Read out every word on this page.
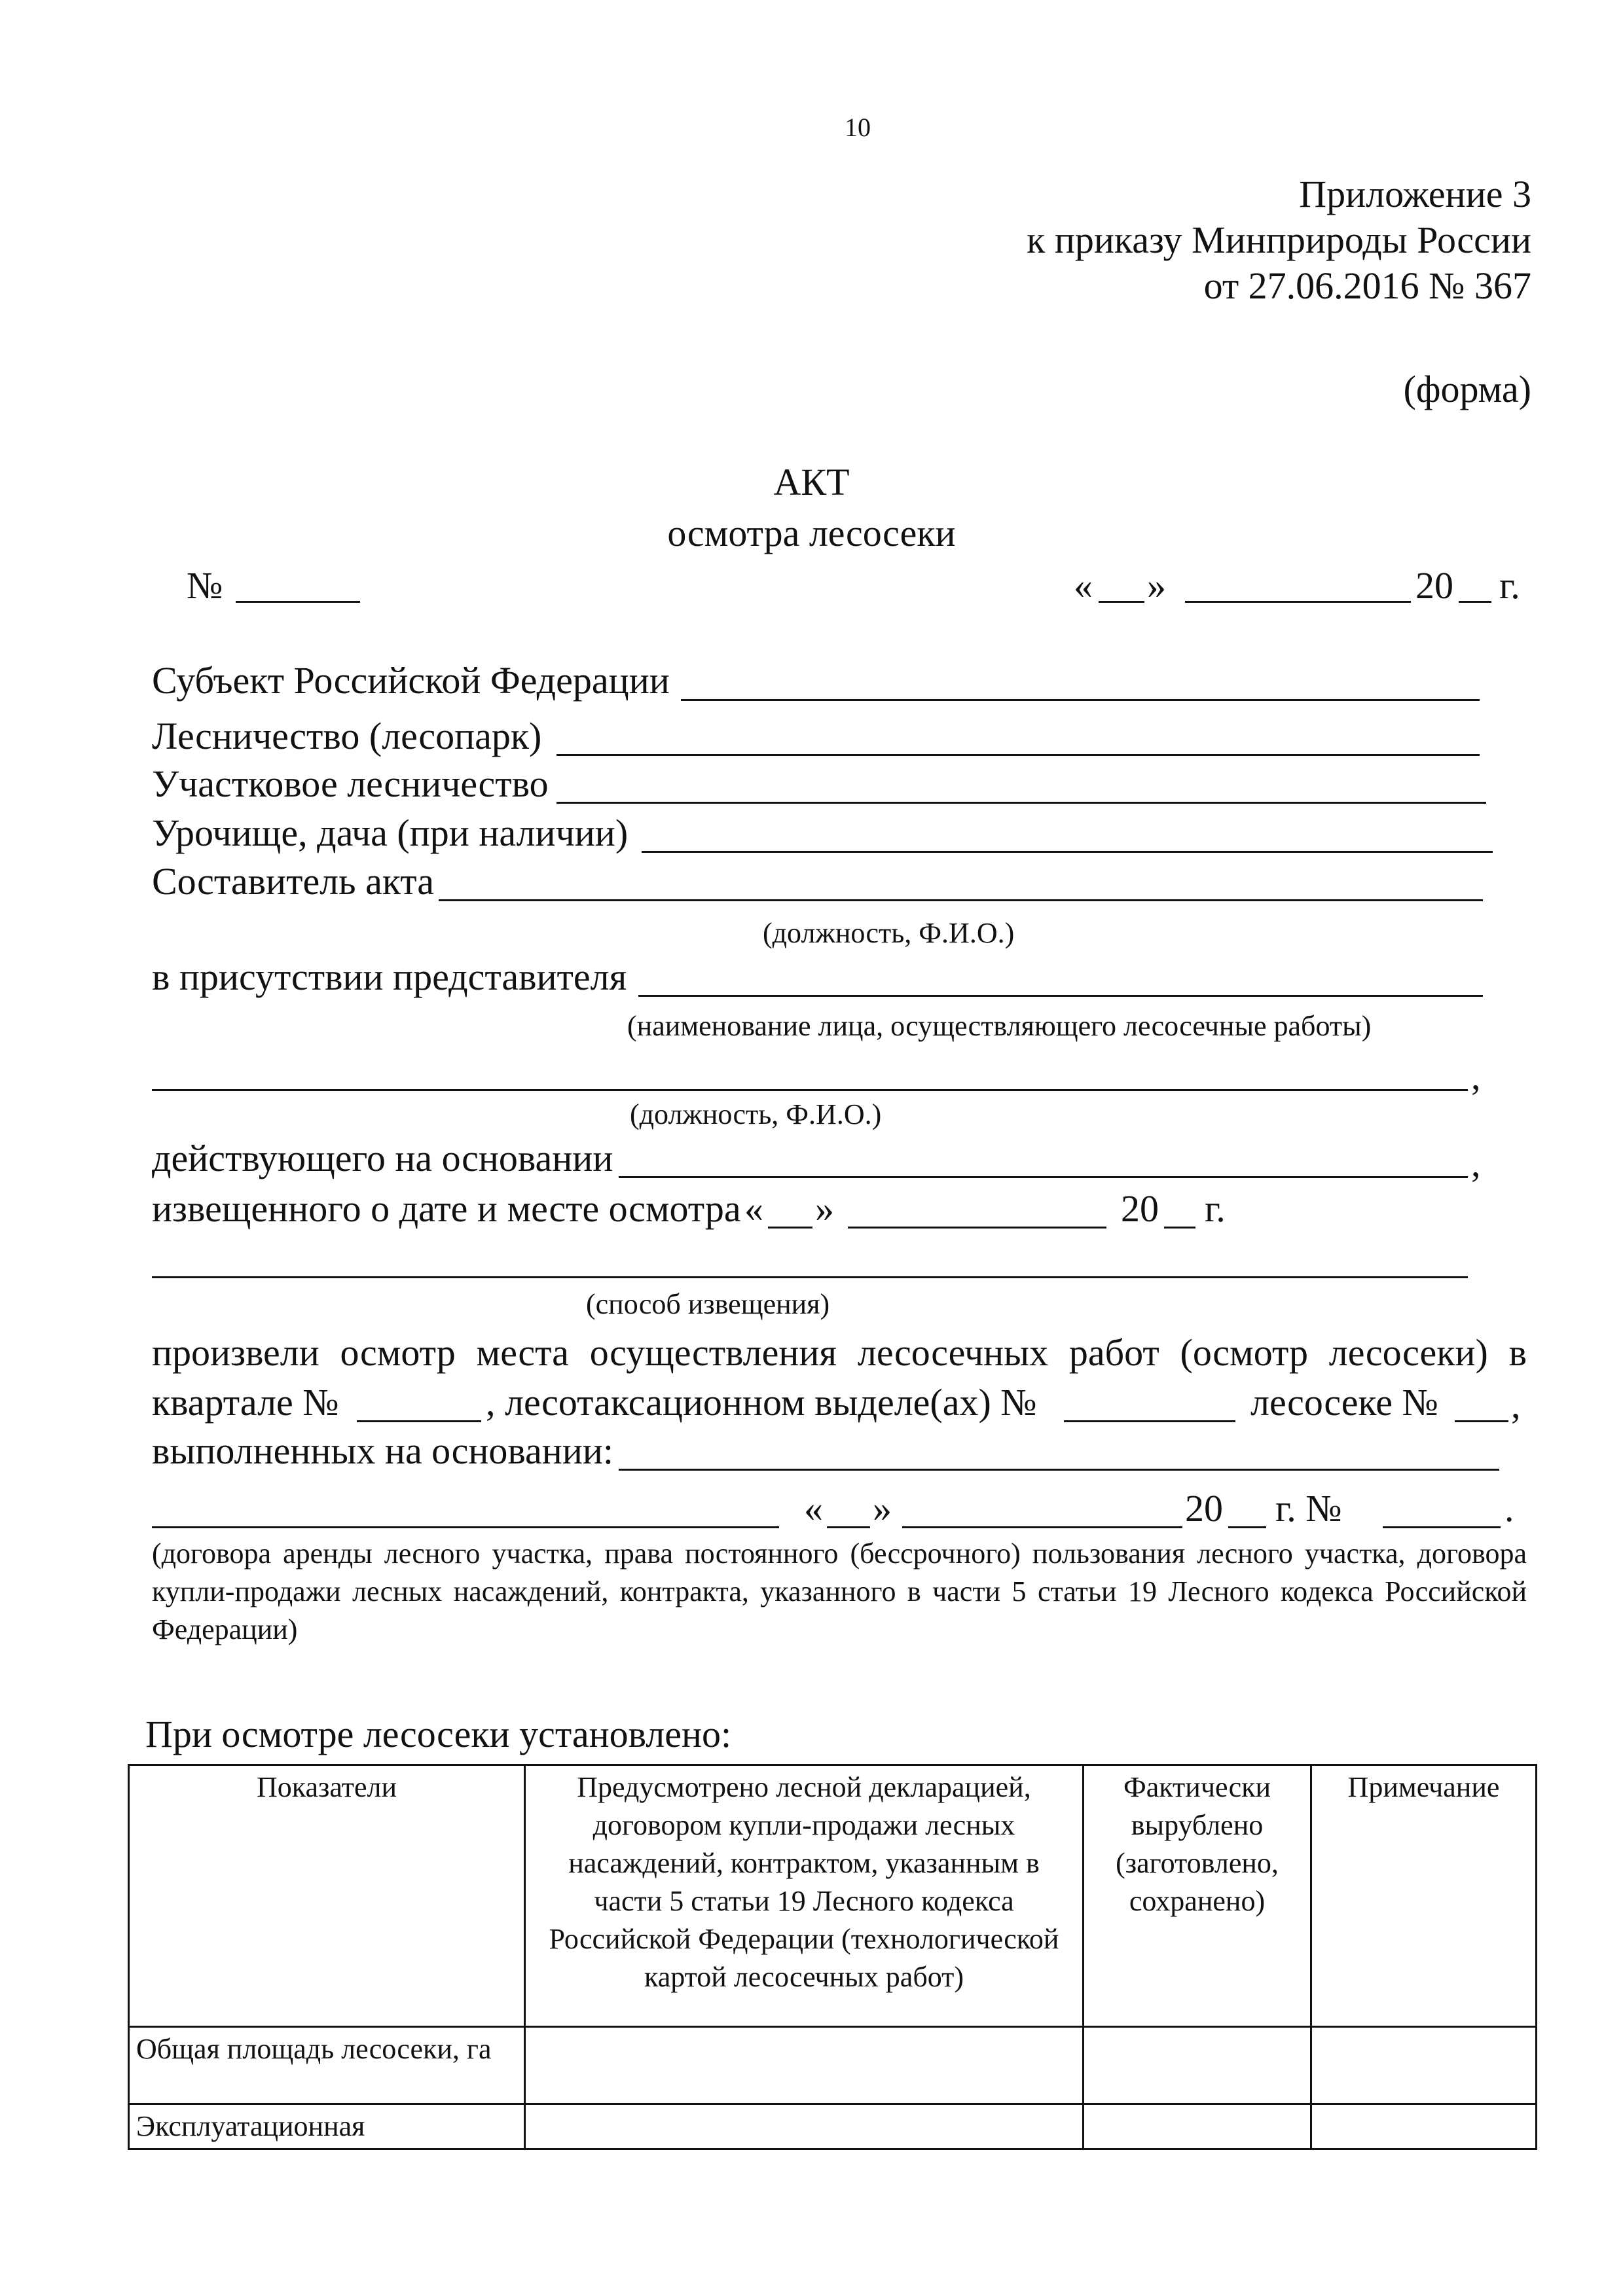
10
Приложение 3
к приказу Минприроды России
от 27.06.2016 № 367
(форма)
АКТ
осмотра лесосеки
№	« »	20 г.
Субъект Российской Федерации
Лесничество (лесопарк)
Участковое лесничество
Урочище, дача (при наличии)
Составитель акта
(должность, Ф.И.О.)
в присутствии представителя
(наименование лица, осуществляющего лесосечные работы)
,
(должность, Ф.И.О.)
действующего на основании	,
извещенного о дате и месте осмотра « »	20 г.
(способ извещения)
произвели осмотр места осуществления лесосечных работ (осмотр лесосеки) в
квартале №	, лесотаксационном выделе(ах) №	лесосеке № ,
выполненных на основании:
« »	20 г. №	.
(договора аренды лесного участка, права постоянного (бессрочного) пользования лесного участка, договора купли-продажи лесных насаждений, контракта, указанного в части 5 статьи 19 Лесного кодекса Российской Федерации)
При осмотре лесосеки установлено:
Показатели	Предусмотрено лесной декларацией, договором купли-продажи лесных насаждений, контрактом, указанным в части 5 статьи 19 Лесного кодекса Российской Федерации (технологической картой лесосечных работ)	Фактически вырублено (заготовлено, сохранено)	Примечание
Общая площадь лесосеки, га			
Эксплуатационная			
